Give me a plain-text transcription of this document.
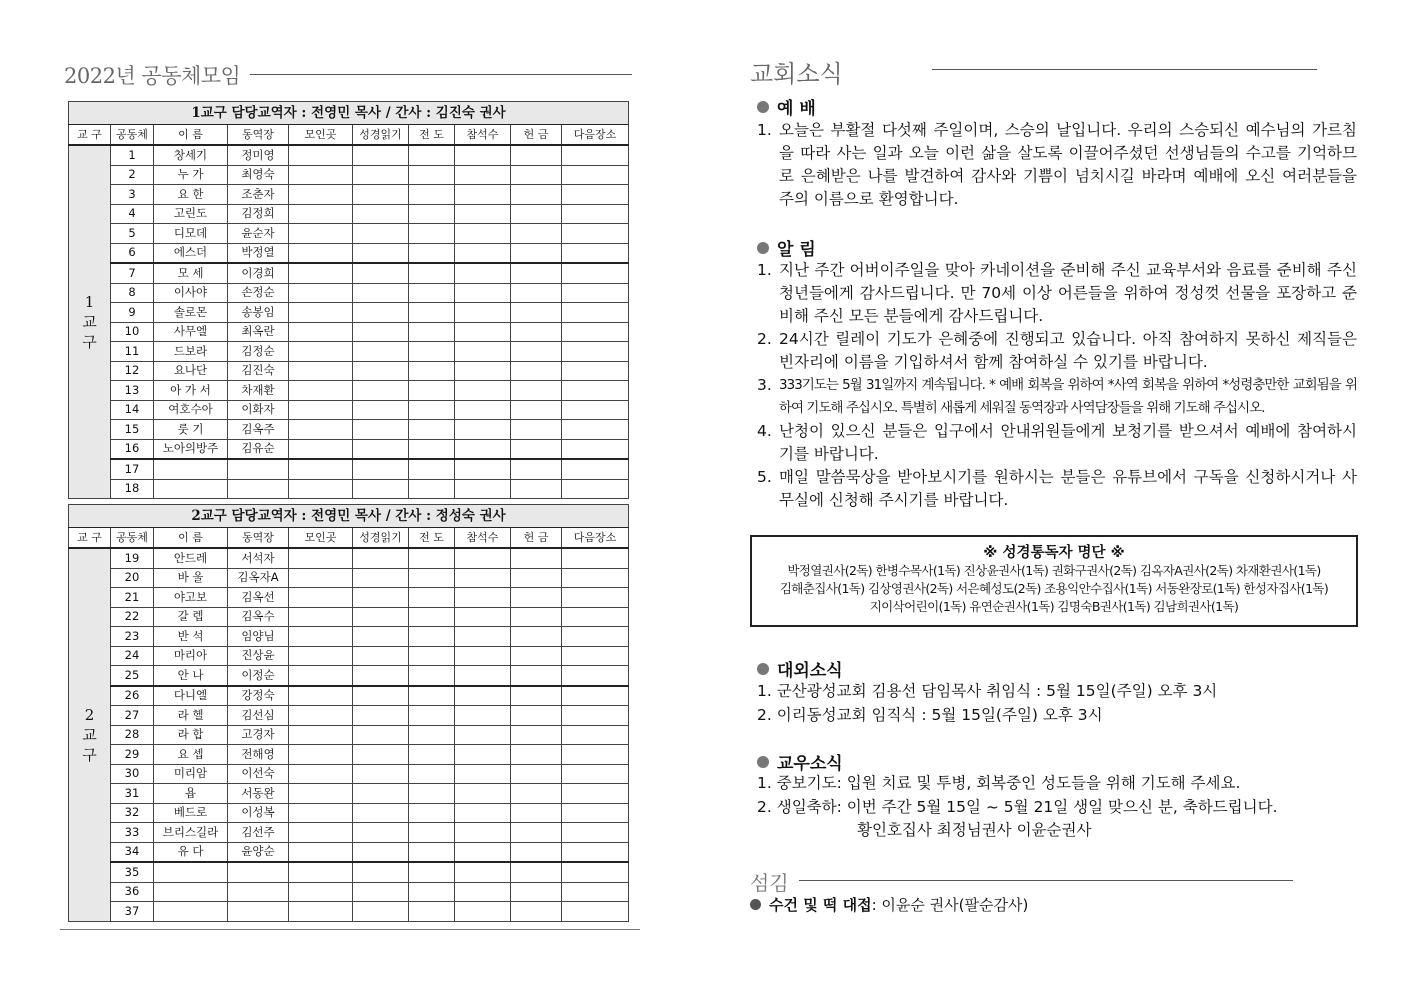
2022년 공동체모임
1교구 담당교역자 : 전영민 목사 / 간사 : 김진숙 권사									
교 구	공동체	이 름	동역장	모인곳	성경읽기	전 도	참석수	헌 금	다음장소

1
교
구	1	창세기	정미영						
	2	누 가	최영숙						
	3	요 한	조춘자						
	4	고린도	김정희						
	5	디모데	윤순자						
	6	에스더	박정열						
	7	모 세	이경희						
	8	이사야	손정순						
	9	솔로몬	송봉임						
	10	사무엘	최옥란						
	11	드보라	김정순						
	12	요나단	김진숙						
	13	아 가 서	차재환						
	14	여호수아	이화자						
	15	룻 기	김옥주						
	16	노아의방주	김유순						
	17								
	18								
2교구 담당교역자 : 전영민 목사 / 간사 : 정성숙 권사									
교 구	공동체	이 름	동역장	모인곳	성경읽기	전 도	참석수	헌 금	다음장소

2
교
구	19	안드레	서석자						
	20	바 울	김옥자A						
	21	야고보	김옥선						
	22	갈 렙	김옥수						
	23	반 석	임양님						
	24	마리아	진상윤						
	25	안 나	이정순						
	26	다니엘	강정숙						
	27	라 헬	김선심						
	28	라 합	고경자						
	29	요 셉	전해영						
	30	미리암	이선숙						
	31	욥	서동완						
	32	베드로	이성복						
	33	브리스길라	김선주						
	34	유 다	윤양순						
	35								
	36								
	37								
교회소식
예 배
1. 오늘은 부활절 다섯째 주일이며, 스승의 날입니다. 우리의 스승되신 예수님의 가르침을 따라 사는 일과 오늘 이런 삶을 살도록 이끌어주셨던 선생님들의 수고를 기억하므로 은혜받은 나를 발견하여 감사와 기쁨이 넘치시길 바라며 예배에 오신 여러분들을 주의 이름으로 환영합니다.
알 림
1. 지난 주간 어버이주일을 맞아 카네이션을 준비해 주신 교육부서와 음료를 준비해 주신 청년들에게 감사드립니다. 만 70세 이상 어른들을 위하여 정성껏 선물을 포장하고 준비해 주신 모든 분들에게 감사드립니다.
2. 24시간 릴레이 기도가 은혜중에 진행되고 있습니다. 아직 참여하지 못하신 제직들은 빈자리에 이름을 기입하셔서 함께 참여하실 수 있기를 바랍니다.
3. 333기도는 5월 31일까지 계속됩니다. * 예배 회복을 위하여 *사역 회복을 위하여 *성령충만한 교회됨을 위하여 기도해 주십시오. 특별히 새롭게 세워질 동역장과 사역담장들을 위해 기도해 주십시오.
4. 난청이 있으신 분들은 입구에서 안내위원들에게 보청기를 받으셔서 예배에 참여하시기를 바랍니다.
5. 매일 말씀묵상을 받아보시기를 원하시는 분들은 유튜브에서 구독을 신청하시거나 사무실에 신청해 주시기를 바랍니다.
※ 성경통독자 명단 ※
박정열권사(2독) 한병수목사(1독) 진상윤권사(1독) 권화구권사(2독) 김옥자A권사(2독) 차재환권사(1독)
김해춘집사(1독) 김상영권사(2독) 서은혜성도(2독) 조용익안수집사(1독) 서동완장로(1독) 한성자집사(1독)
지이삭어린이(1독) 유연순권사(1독) 김명숙B권사(1독) 김남희권사(1독)
대외소식
1. 군산광성교회 김용선 담임목사 취임식 : 5월 15일(주일) 오후 3시
2. 이리동성교회 임직식 : 5월 15일(주일) 오후 3시
교우소식
1. 중보기도: 입원 치료 및 투병, 회복중인 성도들을 위해 기도해 주세요.
2. 생일축하: 이번 주간 5월 15일 ~ 5월 21일 생일 맞으신 분, 축하드립니다.
황인호집사 최정님권사 이윤순권사
섬김
수건 및 떡 대접: 이윤순 권사(팔순감사)
